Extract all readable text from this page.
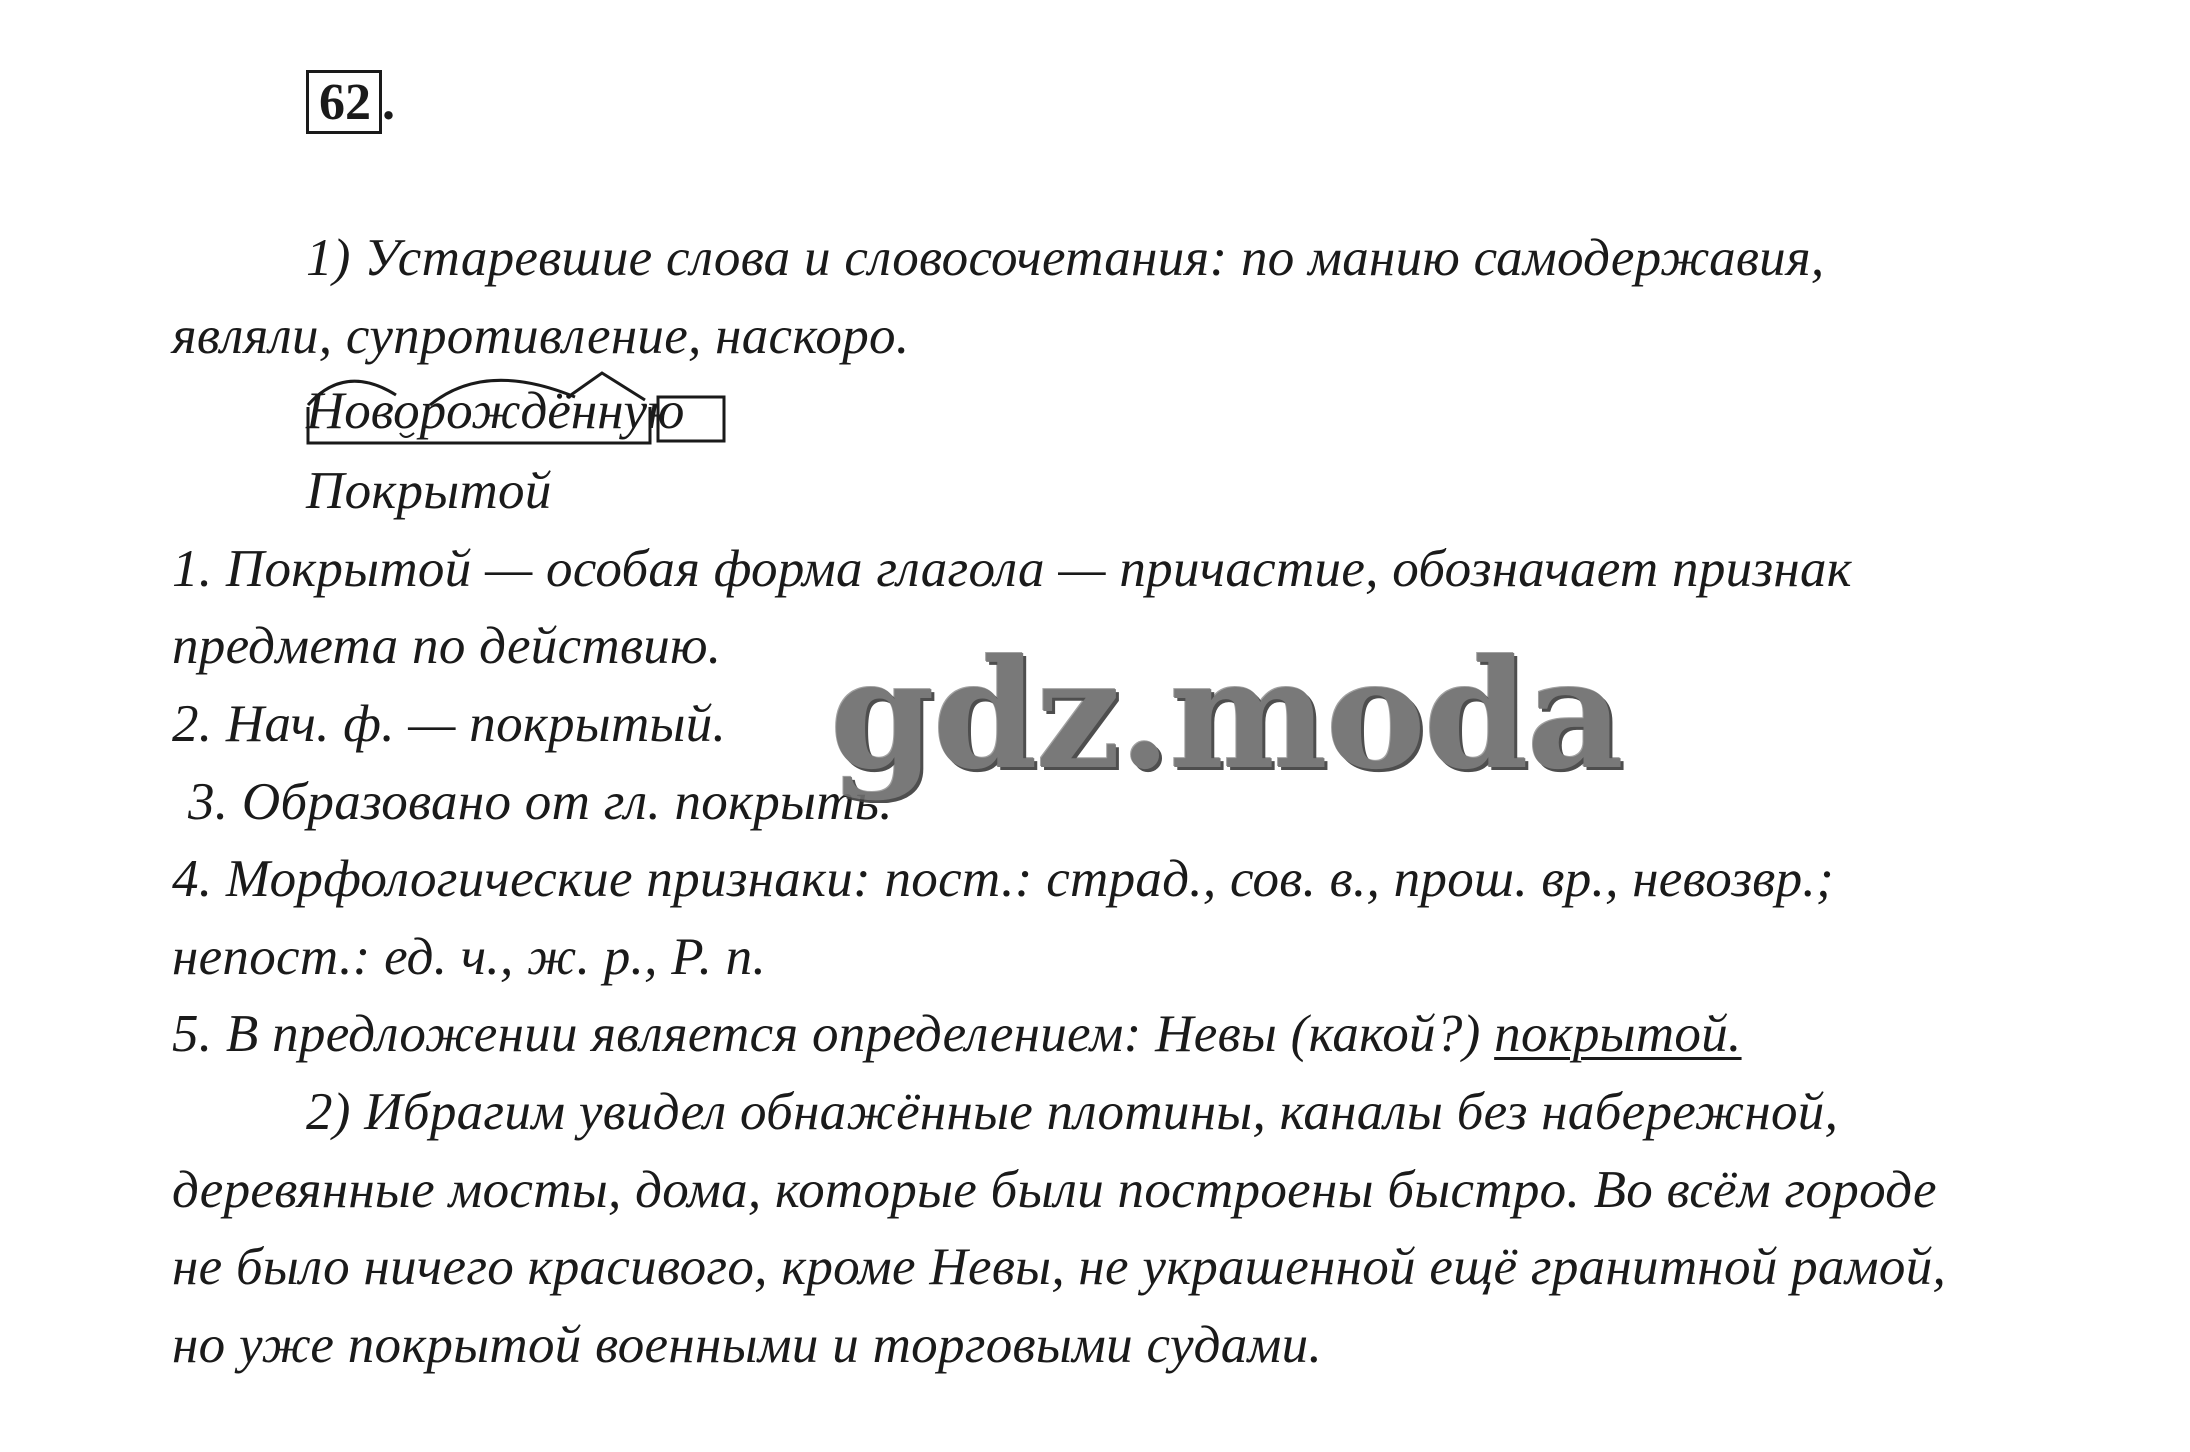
62 .
1) Устаревшие слова и словосочетания: по манию самодержавия,
являли, супротивление, наскоро.
Новорождённую
Покрытой
1. Покрытой — особая форма глагола — причастие, обозначает признак
предмета по действию.
2. Нач. ф. — покрытый.
3. Образовано от гл. покрыть.
4. Морфологические признаки: пост.: страд., сов. в., прош. вр., невозвр.;
непост.: ед. ч., ж. р., Р. п.
5. В предложении является определением: Невы (какой?) покрытой.
2) Ибрагим увидел обнажённые плотины, каналы без набережной,
деревянные мосты, дома, которые были построены быстро. Во всём городе
не было ничего красивого, кроме Невы, не украшенной ещё гранитной рамой,
но уже покрытой военными и торговыми судами.
gdz.moda
